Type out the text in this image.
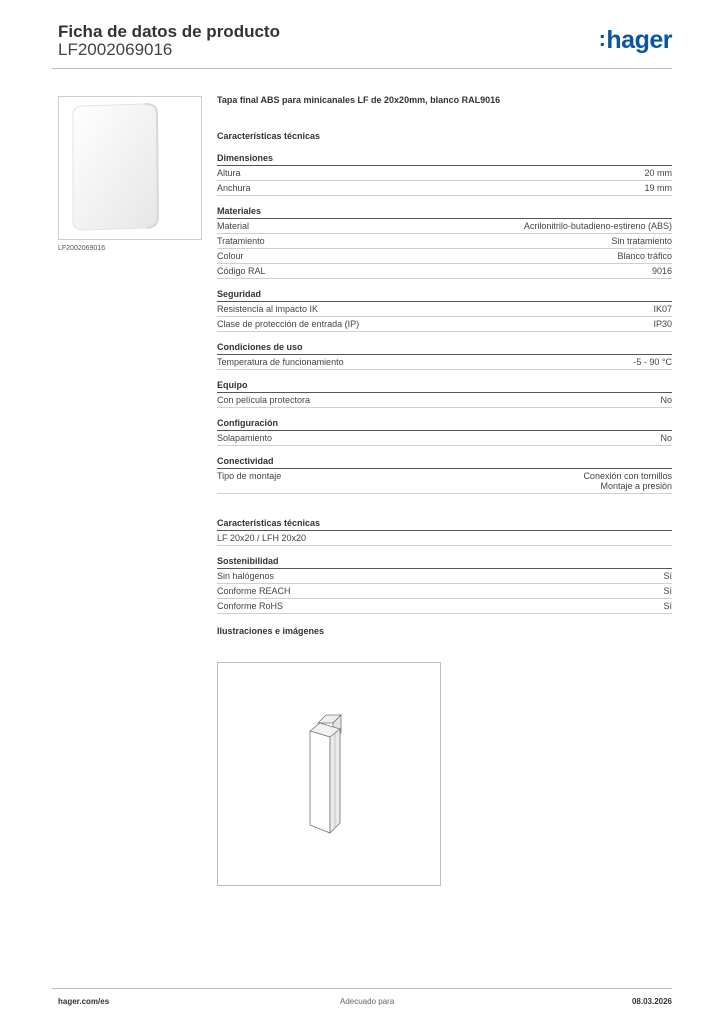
Ficha de datos de producto
LF2002069016	:hager
LF2002069016
Tapa final ABS para minicanales LF de 20x20mm, blanco RAL9016
Características técnicas
Dimensiones
Altura	20 mm
Anchura	19 mm
Materiales
Material	Acrilonitrilo-butadieno-estireno (ABS)
Tratamiento	Sin tratamiento
Colour	Blanco tráfico
Código RAL	9016
Seguridad
Resistencia al impacto IK	IK07
Clase de protección de entrada (IP)	IP30
Condiciones de uso
Temperatura de funcionamiento	-5 - 90 °C
Equipo
Con película protectora	No
Configuración
Solapamiento	No
Conectividad
Tipo de montaje	Conexión con tornillos
Montaje a presión
Características técnicas
LF 20x20 / LFH 20x20
Sostenibilidad
Sin halógenos	Sí
Conforme REACH	Sí
Conforme RoHS	Sí
Ilustraciones e imágenes
hager.com/es	Adecuado para	08.03.2026
